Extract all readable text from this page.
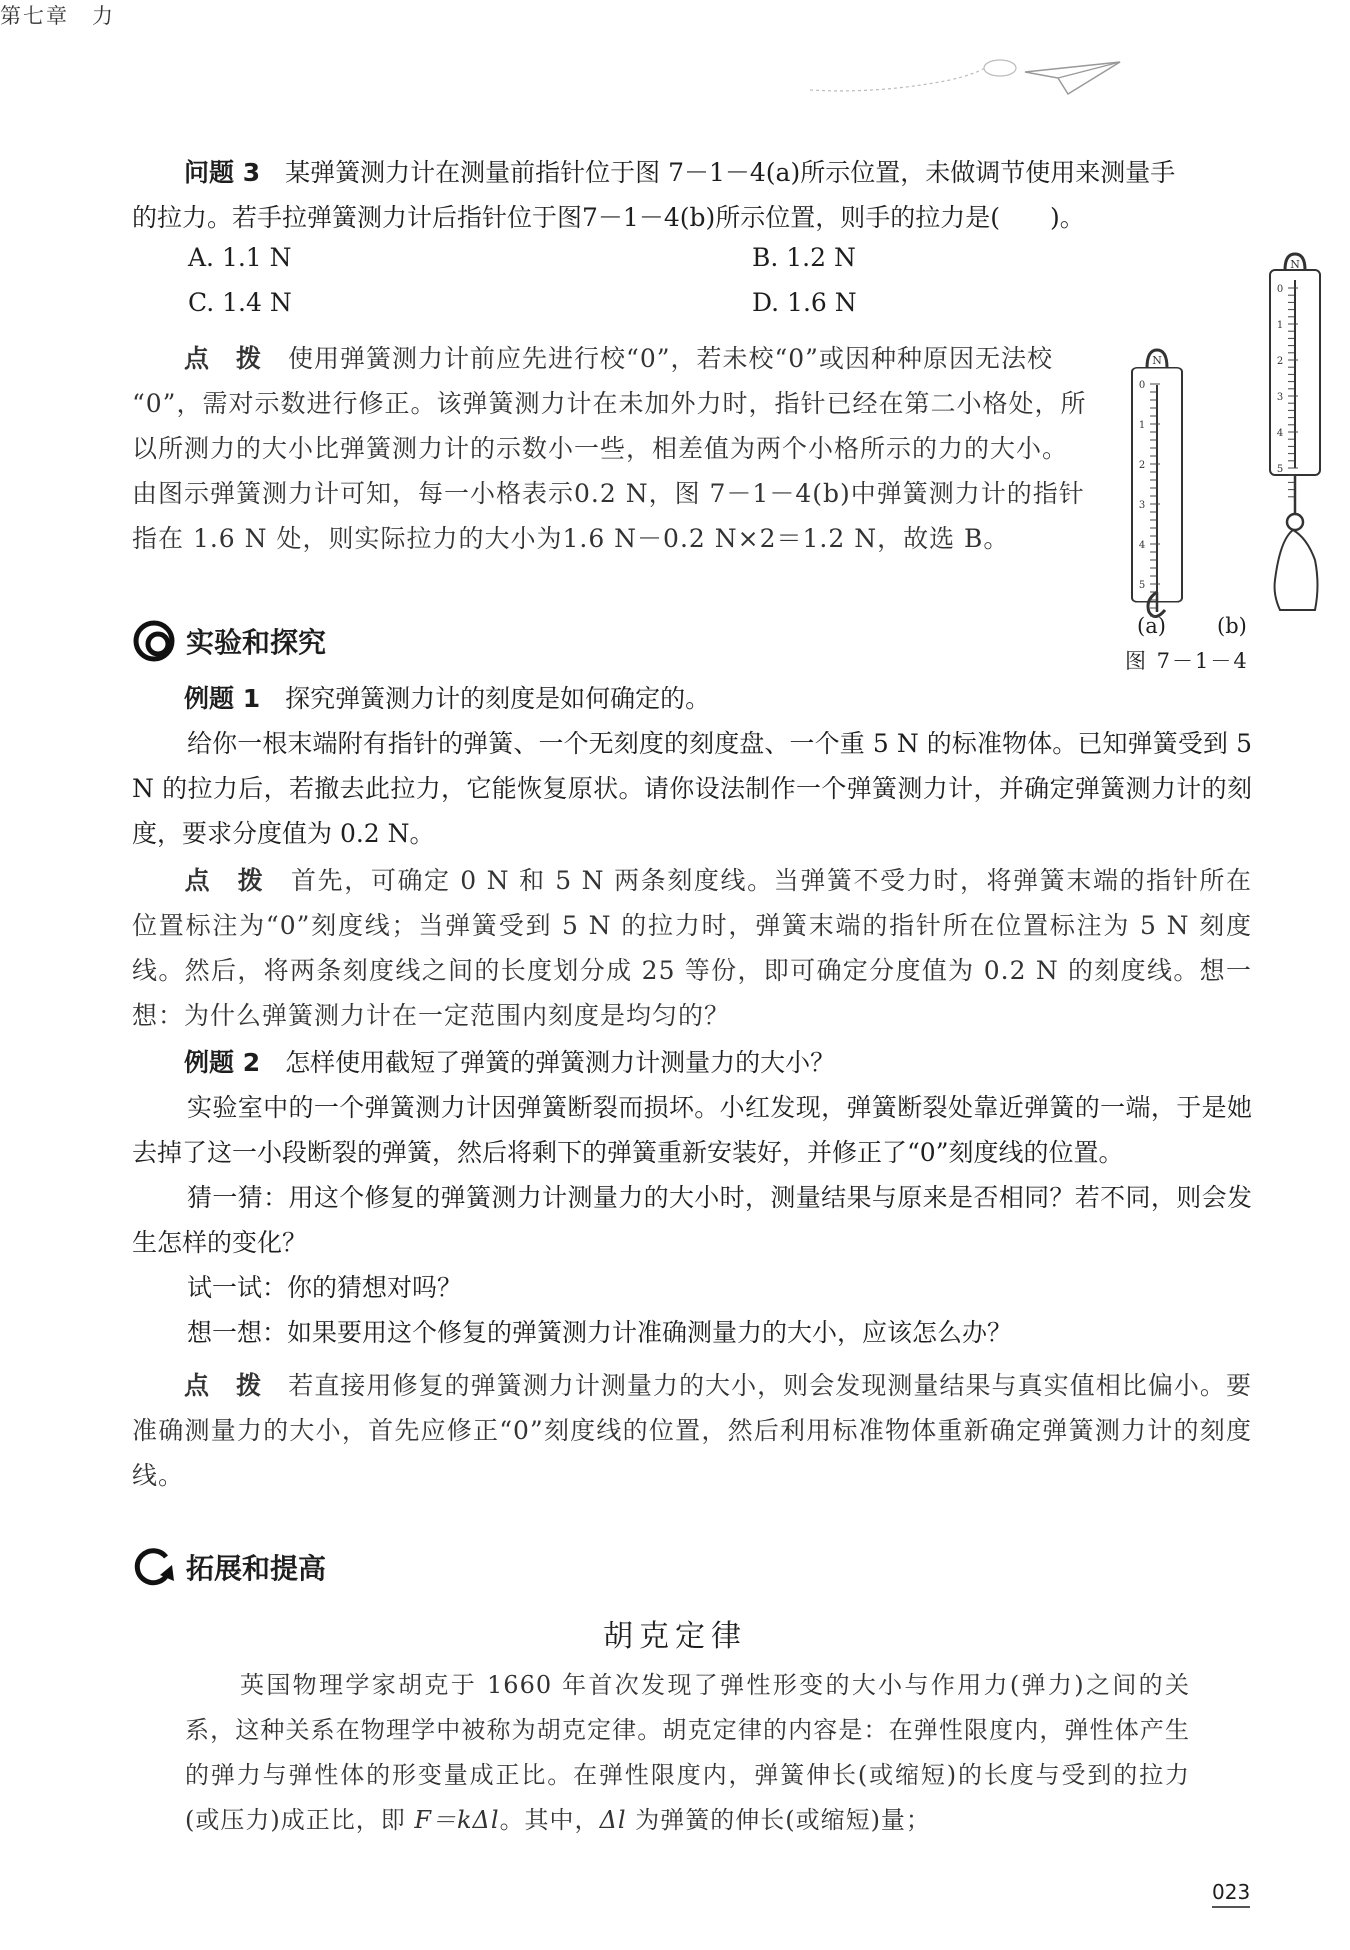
第七章　力

问题 3　 某弹簧测力计在测量前指针位于图 7－1－4(a)所示位置，未做调节使用来测量手

的拉力。若手拉弹簧测力计后指针位于图7－1－4(b)所示位置，则手的拉力是(　　)。

A. 1.1 N	B. 1.2 N
C. 1.4 N	D. 1.6 N
点　拨　 使用弹簧测力计前应先进行校“0”，若未校“0”或因种种原因无法校
“0”，需对示数进行修正。该弹簧测力计在未加外力时，指针已经在第二小格处，所
以所测力的大小比弹簧测力计的示数小一些，相差值为两个小格所示的力的大小。
由图示弹簧测力计可知，每一小格表示0.2 N，图 7－1－4(b)中弹簧测力计的指针
指在 1.6 N 处，则实际拉力的大小为1.6 N－0.2 N×2＝1.2 N，故选 B。
0
1
2
3
4
5
0
1
2
3
4
5
N
N
(a) (b)
图 7－1－4
实验和探究
例题 1　 探究弹簧测力计的刻度是如何确定的。

给你一根末端附有指针的弹簧、一个无刻度的刻度盘、一个重 5 N 的标准物体。已知弹簧受到 5 N 的拉力后，若撤去此拉力，它能恢复原状。请你设法制作一个弹簧测力计，并确定弹簧测力计的刻度，要求分度值为 0.2 N。

点　拨　 首先，可确定 0 N 和 5 N 两条刻度线。当弹簧不受力时，将弹簧末端的指针所在位置标注为“0”刻度线；当弹簧受到 5 N 的拉力时，弹簧末端的指针所在位置标注为 5 N 刻度线。然后，将两条刻度线之间的长度划分成 25 等份，即可确定分度值为 0.2 N 的刻度线。想一想：为什么弹簧测力计在一定范围内刻度是均匀的？
例题 2　 怎样使用截短了弹簧的弹簧测力计测量力的大小？

实验室中的一个弹簧测力计因弹簧断裂而损坏。小红发现，弹簧断裂处靠近弹簧的一端，于是她去掉了这一小段断裂的弹簧，然后将剩下的弹簧重新安装好，并修正了“0”刻度线的位置。

猜一猜：用这个修复的弹簧测力计测量力的大小时，测量结果与原来是否相同？若不同，则会发生怎样的变化？

试一试：你的猜想对吗？

想一想：如果要用这个修复的弹簧测力计准确测量力的大小，应该怎么办？

点　拨　 若直接用修复的弹簧测力计测量力的大小，则会发现测量结果与真实值相比偏小。要准确测量力的大小，首先应修正“0”刻度线的位置，然后利用标准物体重新确定弹簧测力计的刻度线。
拓展和提高
胡克定律

英国物理学家胡克于 1660 年首次发现了弹性形变的大小与作用力(弹力)之间的关系，这种关系在物理学中被称为胡克定律。胡克定律的内容是：在弹性限度内，弹性体产生的弹力与弹性体的形变量成正比。在弹性限度内，弹簧伸长(或缩短)的长度与受到的拉力(或压力)成正比，即 F＝kΔl。其中，Δl 为弹簧的伸长(或缩短)量；

023
